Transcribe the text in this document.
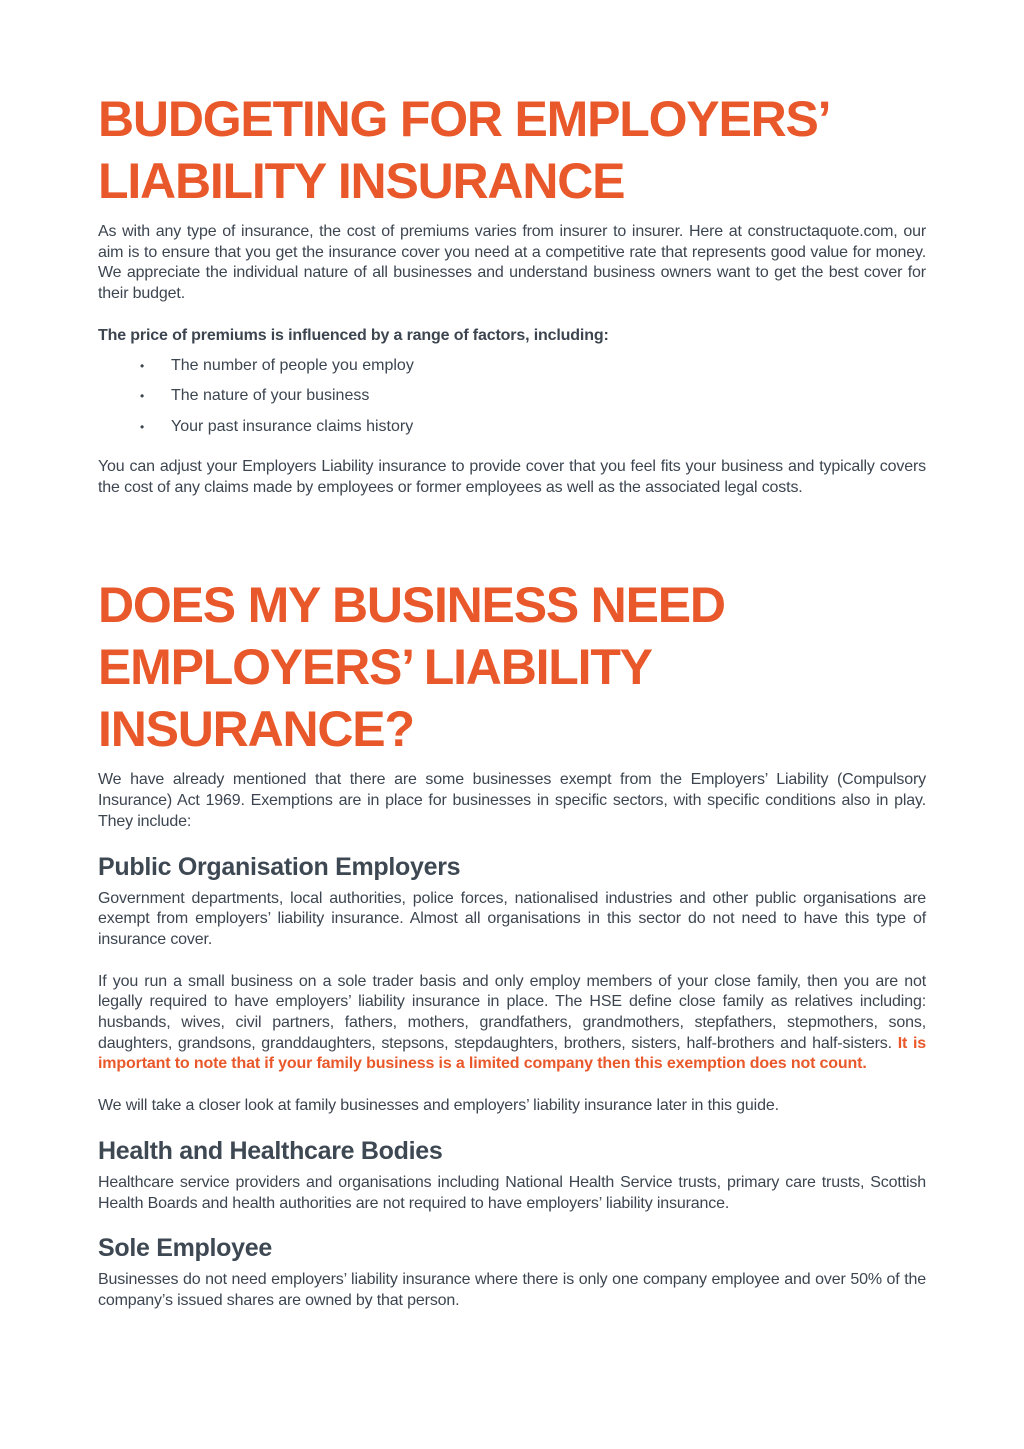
BUDGETING FOR EMPLOYERS’
LIABILITY INSURANCE

As with any type of insurance, the cost of premiums varies from insurer to insurer. Here at constructaquote.com, our aim is to ensure that you get the insurance cover you need at a competitive rate that represents good value for money. We appreciate the individual nature of all businesses and understand business owners want to get the best cover for their budget.

The price of premiums is influenced by a range of factors, including:

• The number of people you employ
• The nature of your business
• Your past insurance claims history

You can adjust your Employers Liability insurance to provide cover that you feel fits your business and typically covers the cost of any claims made by employees or former employees as well as the associated legal costs.

DOES MY BUSINESS NEED
EMPLOYERS’ LIABILITY INSURANCE?

We have already mentioned that there are some businesses exempt from the Employers’ Liability (Compulsory Insurance) Act 1969. Exemptions are in place for businesses in specific sectors, with specific conditions also in play. They include:

Public Organisation Employers

Government departments, local authorities, police forces, nationalised industries and other public organisations are exempt from employers’ liability insurance. Almost all organisations in this sector do not need to have this type of insurance cover.

If you run a small business on a sole trader basis and only employ members of your close family, then you are not legally required to have employers’ liability insurance in place. The HSE define close family as relatives including: husbands, wives, civil partners, fathers, mothers, grandfathers, grandmothers, stepfathers, stepmothers, sons, daughters, grandsons, granddaughters, stepsons, stepdaughters, brothers, sisters, half-brothers and half-sisters. It is important to note that if your family business is a limited company then this exemption does not count.

We will take a closer look at family businesses and employers’ liability insurance later in this guide.

Health and Healthcare Bodies

Healthcare service providers and organisations including National Health Service trusts, primary care trusts, Scottish Health Boards and health authorities are not required to have employers’ liability insurance.

Sole Employee

Businesses do not need employers’ liability insurance where there is only one company employee and over 50% of the company’s issued shares are owned by that person.
